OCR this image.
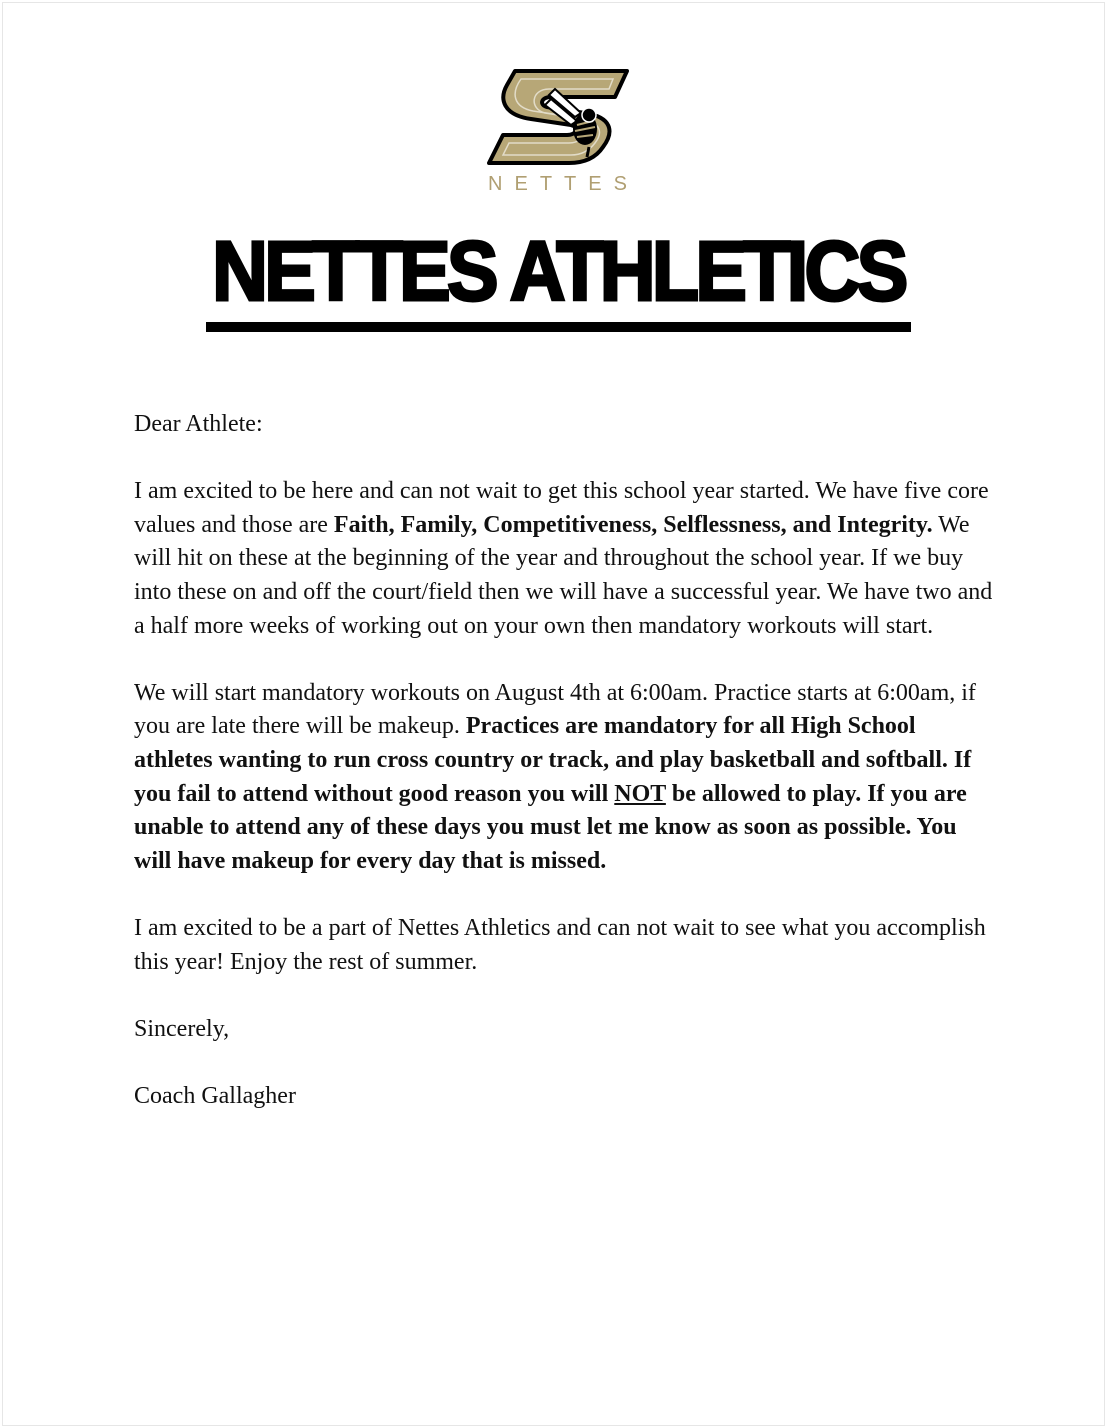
NETTES
NETTES ATHLETICS

Dear Athlete:

I am excited to be here and can not wait to get this school year started. We have five core values and those are Faith, Family, Competitiveness, Selflessness, and Integrity. We will hit on these at the beginning of the year and throughout the school year. If we buy into these on and off the court/field then we will have a successful year. We have two and a half more weeks of working out on your own then mandatory workouts will start.

We will start mandatory workouts on August 4th at 6:00am. Practice starts at 6:00am, if you are late there will be makeup. Practices are mandatory for all High School athletes wanting to run cross country or track, and play basketball and softball. If you fail to attend without good reason you will NOT be allowed to play. If you are unable to attend any of these days you must let me know as soon as possible. You will have makeup for every day that is missed.

I am excited to be a part of Nettes Athletics and can not wait to see what you accomplish this year! Enjoy the rest of summer.

Sincerely,

Coach Gallagher
